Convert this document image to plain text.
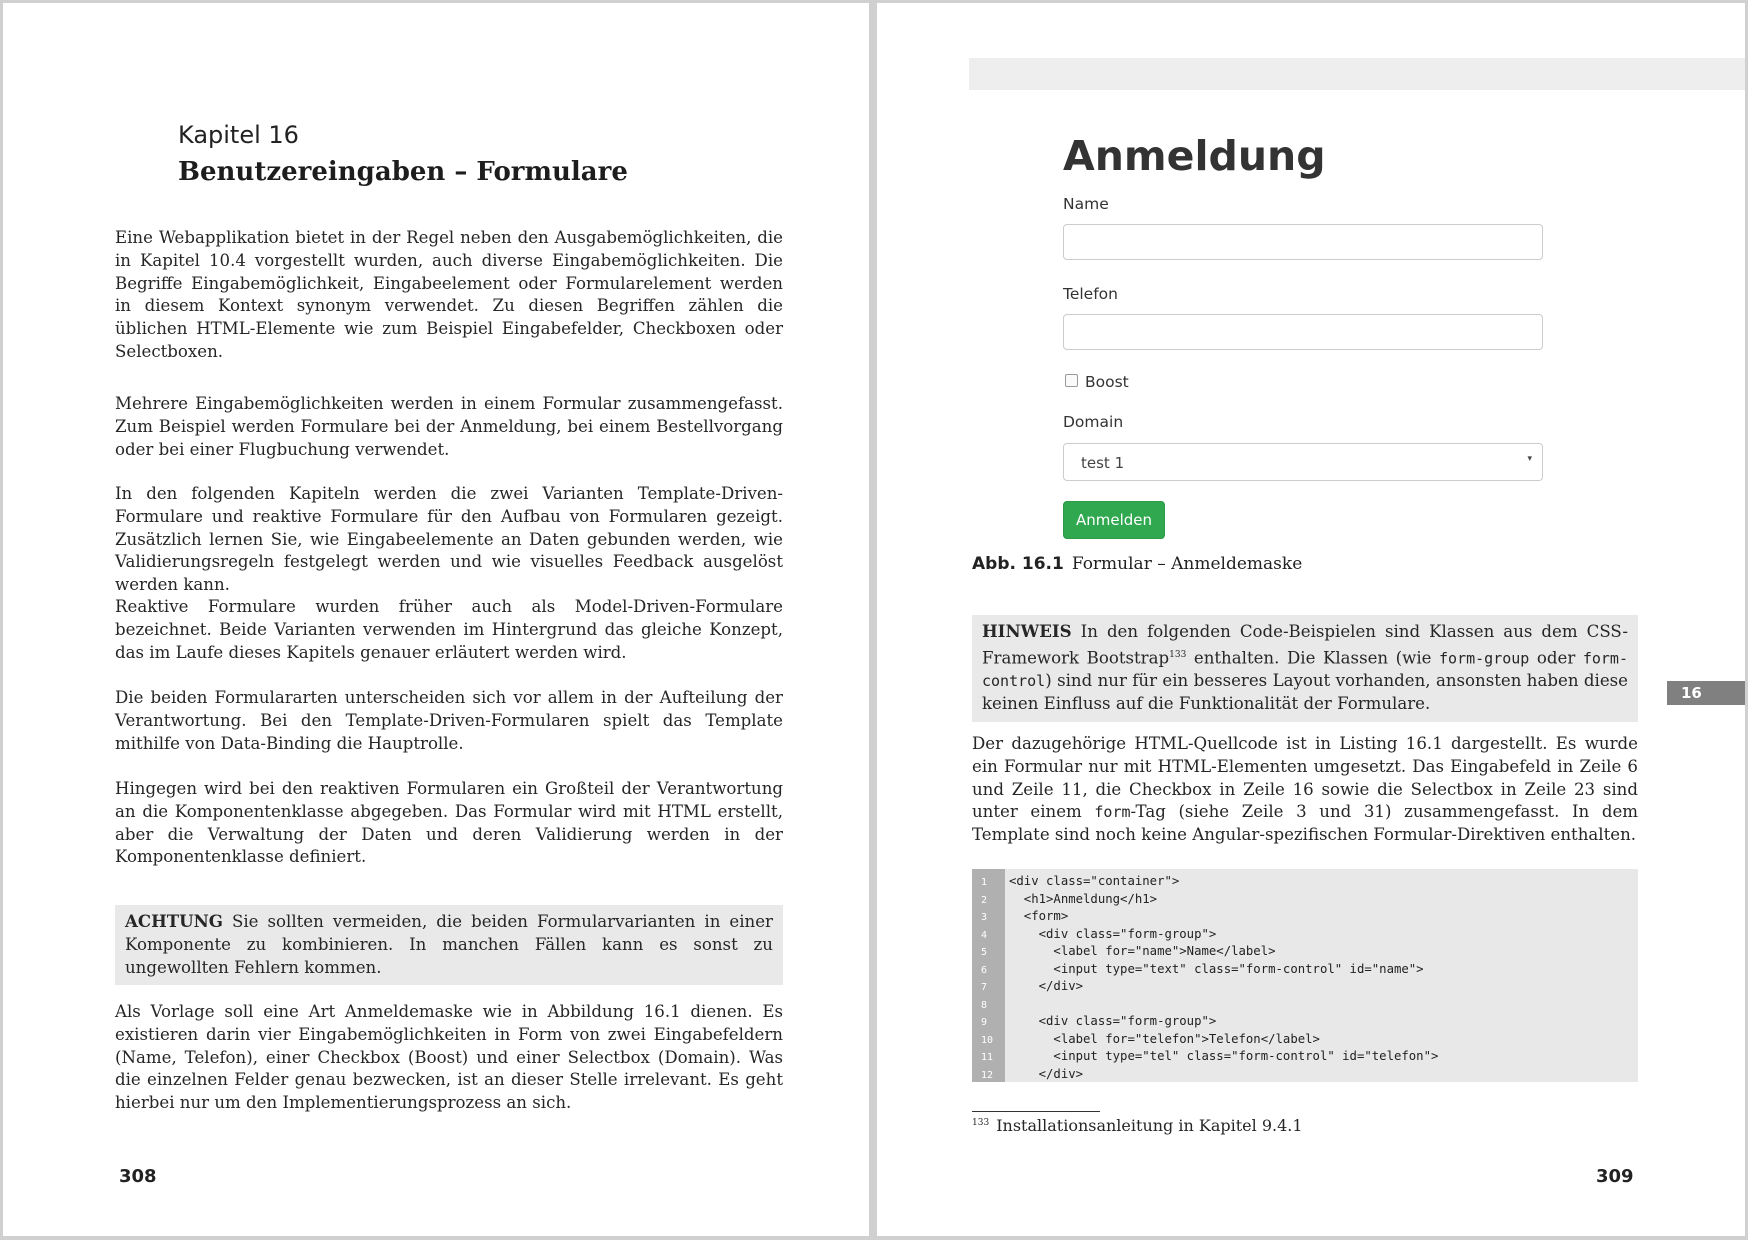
Kapitel 16
Benutzereingaben – Formulare

Eine Webapplikation bietet in der Regel neben den Ausgabemöglichkeiten, die in Kapitel 10.4 vorgestellt wurden, auch diverse Eingabemöglichkeiten. Die Begriffe Eingabemöglichkeit, Eingabeelement oder Formularelement werden in diesem Kontext synonym verwendet. Zu diesen Begriffen zählen die üblichen HTML-Elemente wie zum Beispiel Eingabefelder, Checkboxen oder Selectboxen.

Mehrere Eingabemöglichkeiten werden in einem Formular zusammengefasst. Zum Beispiel werden Formulare bei der Anmeldung, bei einem Bestellvorgang oder bei einer Flugbuchung verwendet.

In den folgenden Kapiteln werden die zwei Varianten Template-Driven-Formulare und reaktive Formulare für den Aufbau von Formularen gezeigt. Zusätzlich lernen Sie, wie Eingabeelemente an Daten gebunden werden, wie Validierungsregeln festgelegt werden und wie visuelles Feedback ausgelöst werden kann.

Reaktive Formulare wurden früher auch als Model-Driven-Formulare bezeichnet. Beide Varianten verwenden im Hintergrund das gleiche Konzept, das im Laufe dieses Kapitels genauer erläutert werden wird.

Die beiden Formulararten unterscheiden sich vor allem in der Aufteilung der Verantwortung. Bei den Template-Driven-Formularen spielt das Template mithilfe von Data-Binding die Hauptrolle.

Hingegen wird bei den reaktiven Formularen ein Großteil der Verantwortung an die Komponentenklasse abgegeben. Das Formular wird mit HTML erstellt, aber die Verwaltung der Daten und deren Validierung werden in der Komponentenklasse definiert.

ACHTUNG Sie sollten vermeiden, die beiden Formularvarianten in einer Komponente zu kombinieren. In manchen Fällen kann es sonst zu ungewollten Fehlern kommen.

Als Vorlage soll eine Art Anmeldemaske wie in Abbildung 16.1 dienen. Es existieren darin vier Eingabemöglichkeiten in Form von zwei Eingabefeldern (Name, Telefon), einer Checkbox (Boost) und einer Selectbox (Domain). Was die einzelnen Felder genau bezwecken, ist an dieser Stelle irrelevant. Es geht hierbei nur um den Implementierungsprozess an sich.

308
Anmeldung
Name
Telefon
Boost
Domain
test 1	▾
Anmelden
Abb. 16.1 Formular – Anmeldemaske
HINWEIS In den folgenden Code-Beispielen sind Klassen aus dem CSS-Framework Bootstrap$^{133}$ enthalten. Die Klassen (wie form-group oder form-control) sind nur für ein besseres Layout vorhanden, ansonsten haben diese keinen Einfluss auf die Funktionalität der Formulare.

Der dazugehörige HTML-Quellcode ist in Listing 16.1 dargestellt. Es wurde ein Formular nur mit HTML-Elementen umgesetzt. Das Eingabefeld in Zeile 6 und Zeile 11, die Checkbox in Zeile 16 sowie die Selectbox in Zeile 23 sind unter einem form-Tag (siehe Zeile 3 und 31) zusammengefasst. In dem Template sind noch keine Angular-spezifischen Formular-Direktiven enthalten.

1 <div class="container">
2  <h1>Anmeldung</h1>
3  <form>
4    <div class="form-group">
5      <label for="name">Name</label>
6      <input type="text" class="form-control" id="name">
7    </div>
8
9    <div class="form-group">
10      <label for="telefon">Telefon</label>
11      <input type="tel" class="form-control" id="telefon">
12    </div>
$^{133}$ Installationsanleitung in Kapitel 9.4.1
309
16
